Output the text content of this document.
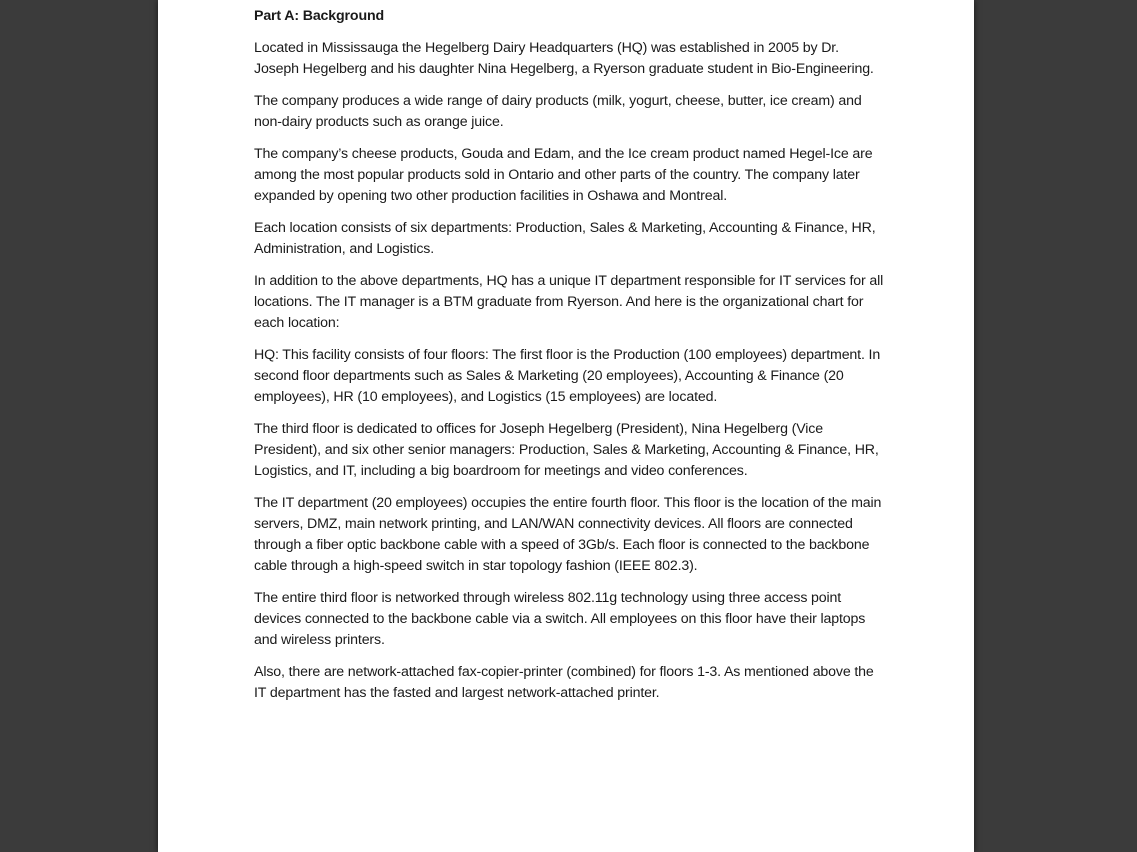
Part A: Background
Located in Mississauga the Hegelberg Dairy Headquarters (HQ) was established in 2005 by Dr. Joseph Hegelberg and his daughter Nina Hegelberg, a Ryerson graduate student in Bio-Engineering.
The company produces a wide range of dairy products (milk, yogurt, cheese, butter, ice cream) and non-dairy products such as orange juice.
The company’s cheese products, Gouda and Edam, and the Ice cream product named Hegel-Ice are among the most popular products sold in Ontario and other parts of the country. The company later expanded by opening two other production facilities in Oshawa and Montreal.
Each location consists of six departments: Production, Sales & Marketing, Accounting & Finance, HR, Administration, and Logistics.
In addition to the above departments, HQ has a unique IT department responsible for IT services for all locations. The IT manager is a BTM graduate from Ryerson. And here is the organizational chart for each location:
HQ: This facility consists of four floors: The first floor is the Production (100 employees) department. In second floor departments such as Sales & Marketing (20 employees), Accounting & Finance (20 employees), HR (10 employees), and Logistics (15 employees) are located.
The third floor is dedicated to offices for Joseph Hegelberg (President), Nina Hegelberg (Vice President), and six other senior managers: Production, Sales & Marketing, Accounting & Finance, HR, Logistics, and IT, including a big boardroom for meetings and video conferences.
The IT department (20 employees) occupies the entire fourth floor. This floor is the location of the main servers, DMZ, main network printing, and LAN/WAN connectivity devices. All floors are connected through a fiber optic backbone cable with a speed of 3Gb/s. Each floor is connected to the backbone cable through a high-speed switch in star topology fashion (IEEE 802.3).
The entire third floor is networked through wireless 802.11g technology using three access point devices connected to the backbone cable via a switch. All employees on this floor have their laptops and wireless printers.
Also, there are network-attached fax-copier-printer (combined) for floors 1-3. As mentioned above the IT department has the fasted and largest network-attached printer.
